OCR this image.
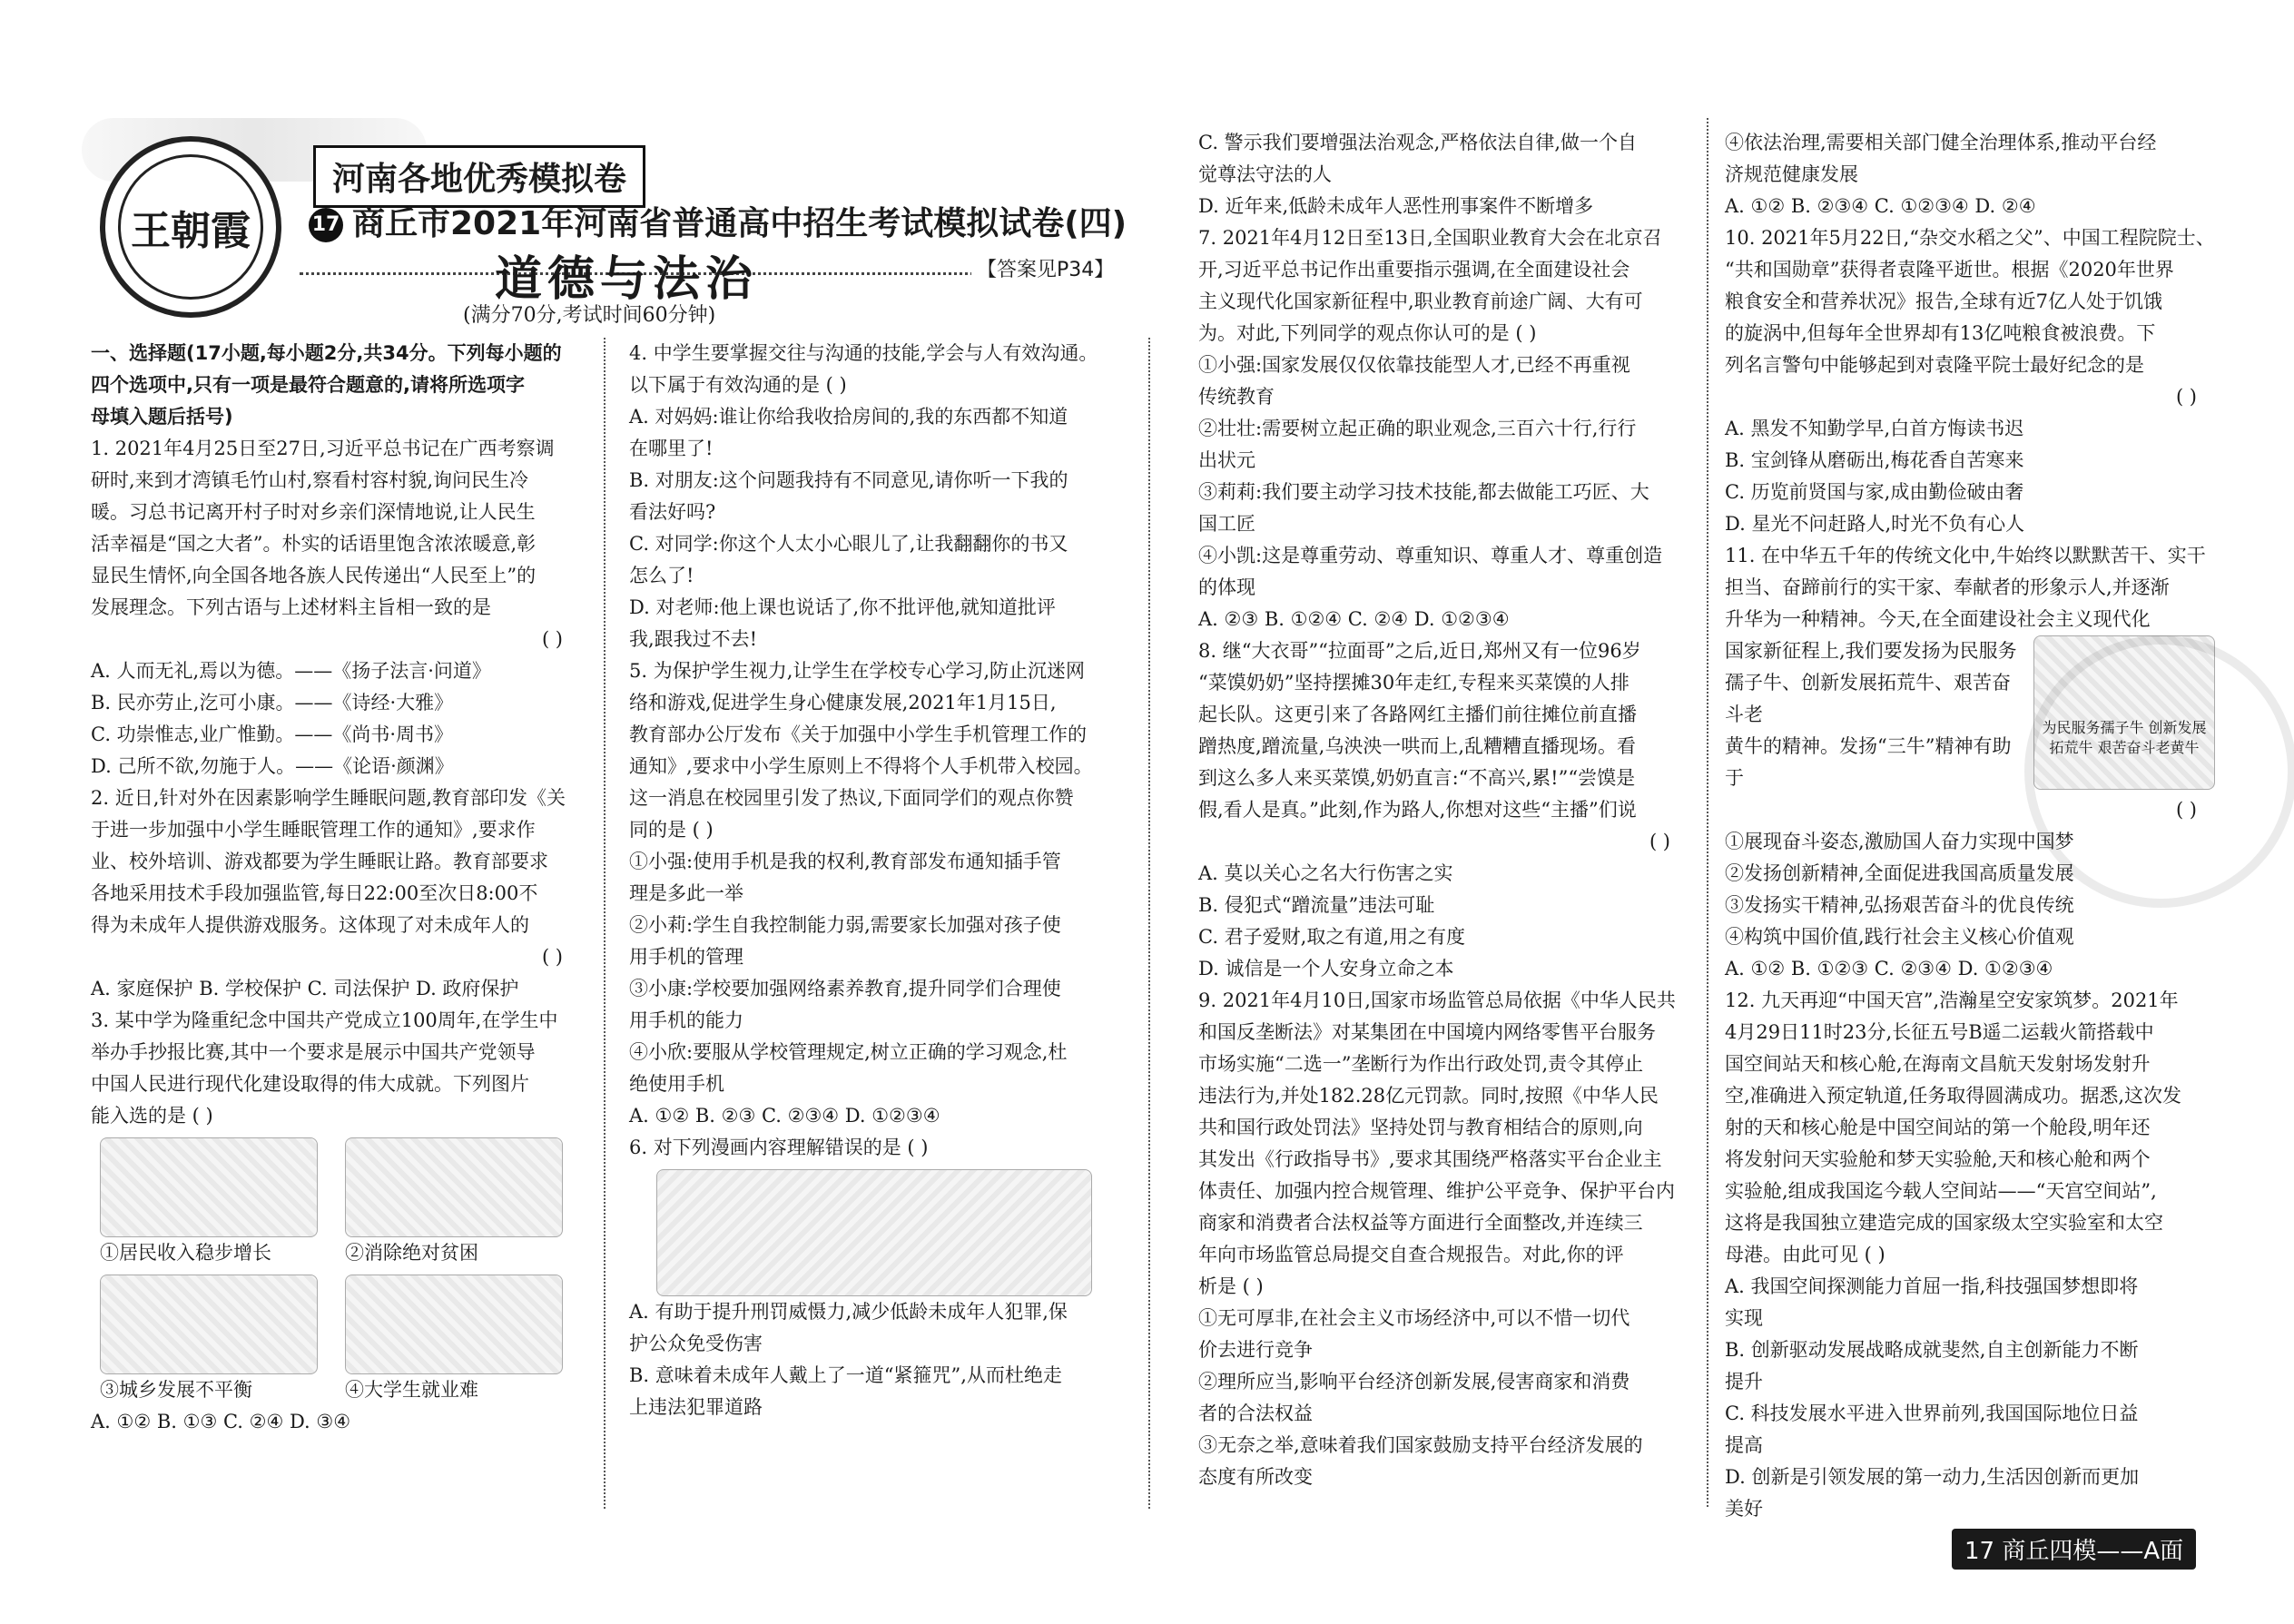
王朝霞
河南各地优秀模拟卷
17 商丘市2021年河南省普通高中招生考试模拟试卷(四)
道德与法治	【答案见P34】
(满分70分,考试时间60分钟)

一、选择题(17小题,每小题2分,共34分。下列每小题的

四个选项中,只有一项是最符合题意的,请将所选项字

母填入题后括号)

1. 2021年4月25日至27日,习近平总书记在广西考察调

研时,来到才湾镇毛竹山村,察看村容村貌,询问民生冷

暖。习总书记离开村子时对乡亲们深情地说,让人民生

活幸福是“国之大者”。朴实的话语里饱含浓浓暖意,彰

显民生情怀,向全国各地各族人民传递出“人民至上”的

发展理念。下列古语与上述材料主旨相一致的是

( )

A. 人而无礼,焉以为德。——《扬子法言·问道》

B. 民亦劳止,汔可小康。——《诗经·大雅》

C. 功崇惟志,业广惟勤。——《尚书·周书》

D. 己所不欲,勿施于人。——《论语·颜渊》

2. 近日,针对外在因素影响学生睡眠问题,教育部印发《关

于进一步加强中小学生睡眠管理工作的通知》,要求作

业、校外培训、游戏都要为学生睡眠让路。教育部要求

各地采用技术手段加强监管,每日22:00至次日8:00不

得为未成年人提供游戏服务。这体现了对未成年人的

( )

A. 家庭保护 B. 学校保护 C. 司法保护 D. 政府保护

3. 某中学为隆重纪念中国共产党成立100周年,在学生中

举办手抄报比赛,其中一个要求是展示中国共产党领导

中国人民进行现代化建设取得的伟大成就。下列图片

能入选的是 ( )

①居民收入稳步增长	②消除绝对贫困
③城乡发展不平衡	④大学生就业难

A. ①② B. ①③ C. ②④ D. ③④

4. 中学生要掌握交往与沟通的技能,学会与人有效沟通。

以下属于有效沟通的是 ( )

A. 对妈妈:谁让你给我收拾房间的,我的东西都不知道

在哪里了!

B. 对朋友:这个问题我持有不同意见,请你听一下我的

看法好吗?

C. 对同学:你这个人太小心眼儿了,让我翻翻你的书又

怎么了!

D. 对老师:他上课也说话了,你不批评他,就知道批评

我,跟我过不去!

5. 为保护学生视力,让学生在学校专心学习,防止沉迷网

络和游戏,促进学生身心健康发展,2021年1月15日,

教育部办公厅发布《关于加强中小学生手机管理工作的

通知》,要求中小学生原则上不得将个人手机带入校园。

这一消息在校园里引发了热议,下面同学们的观点你赞

同的是 ( )

①小强:使用手机是我的权利,教育部发布通知插手管

理是多此一举

②小莉:学生自我控制能力弱,需要家长加强对孩子使

用手机的管理

③小康:学校要加强网络素养教育,提升同学们合理使

用手机的能力

④小欣:要服从学校管理规定,树立正确的学习观念,杜

绝使用手机

A. ①② B. ②③ C. ②③④ D. ①②③④

6. 对下列漫画内容理解错误的是 ( )

A. 有助于提升刑罚威慑力,减少低龄未成年人犯罪,保

护公众免受伤害

B. 意味着未成年人戴上了一道“紧箍咒”,从而杜绝走

上违法犯罪道路

C. 警示我们要增强法治观念,严格依法自律,做一个自

觉尊法守法的人

D. 近年来,低龄未成年人恶性刑事案件不断增多

7. 2021年4月12日至13日,全国职业教育大会在北京召

开,习近平总书记作出重要指示强调,在全面建设社会

主义现代化国家新征程中,职业教育前途广阔、大有可

为。对此,下列同学的观点你认可的是 ( )

①小强:国家发展仅仅依靠技能型人才,已经不再重视

传统教育

②壮壮:需要树立起正确的职业观念,三百六十行,行行

出状元

③莉莉:我们要主动学习技术技能,都去做能工巧匠、大

国工匠

④小凯:这是尊重劳动、尊重知识、尊重人才、尊重创造

的体现

A. ②③ B. ①②④ C. ②④ D. ①②③④

8. 继“大衣哥”“拉面哥”之后,近日,郑州又有一位96岁

“菜馍奶奶”坚持摆摊30年走红,专程来买菜馍的人排

起长队。这更引来了各路网红主播们前往摊位前直播

蹭热度,蹭流量,乌泱泱一哄而上,乱糟糟直播现场。看

到这么多人来买菜馍,奶奶直言:“不高兴,累!”“尝馍是

假,看人是真。”此刻,作为路人,你想对这些“主播”们说

( )

A. 莫以关心之名大行伤害之实

B. 侵犯式“蹭流量”违法可耻

C. 君子爱财,取之有道,用之有度

D. 诚信是一个人安身立命之本

9. 2021年4月10日,国家市场监管总局依据《中华人民共

和国反垄断法》对某集团在中国境内网络零售平台服务

市场实施“二选一”垄断行为作出行政处罚,责令其停止

违法行为,并处182.28亿元罚款。同时,按照《中华人民

共和国行政处罚法》坚持处罚与教育相结合的原则,向

其发出《行政指导书》,要求其围绕严格落实平台企业主

体责任、加强内控合规管理、维护公平竞争、保护平台内

商家和消费者合法权益等方面进行全面整改,并连续三

年向市场监管总局提交自查合规报告。对此,你的评

析是 ( )

①无可厚非,在社会主义市场经济中,可以不惜一切代

价去进行竞争

②理所应当,影响平台经济创新发展,侵害商家和消费

者的合法权益

③无奈之举,意味着我们国家鼓励支持平台经济发展的

态度有所改变

④依法治理,需要相关部门健全治理体系,推动平台经

济规范健康发展

A. ①② B. ②③④ C. ①②③④ D. ②④

10. 2021年5月22日,“杂交水稻之父”、中国工程院院士、

“共和国勋章”获得者袁隆平逝世。根据《2020年世界

粮食安全和营养状况》报告,全球有近7亿人处于饥饿

的旋涡中,但每年全世界却有13亿吨粮食被浪费。下

列名言警句中能够起到对袁隆平院士最好纪念的是

( )

A. 黑发不知勤学早,白首方悔读书迟

B. 宝剑锋从磨砺出,梅花香自苦寒来

C. 历览前贤国与家,成由勤俭破由奢

D. 星光不问赶路人,时光不负有心人

11. 在中华五千年的传统文化中,牛始终以默默苦干、实干

担当、奋蹄前行的实干家、奉献者的形象示人,并逐渐

升华为一种精神。今天,在全面建设社会主义现代化

为民服务孺子牛 创新发展拓荒牛 艰苦奋斗老黄牛

国家新征程上,我们要发扬为民服务

孺子牛、创新发展拓荒牛、艰苦奋斗老

黄牛的精神。发扬“三牛”精神有助于

( )

①展现奋斗姿态,激励国人奋力实现中国梦

②发扬创新精神,全面促进我国高质量发展

③发扬实干精神,弘扬艰苦奋斗的优良传统

④构筑中国价值,践行社会主义核心价值观

A. ①② B. ①②③ C. ②③④ D. ①②③④

12. 九天再迎“中国天宫”,浩瀚星空安家筑梦。2021年

4月29日11时23分,长征五号B遥二运载火箭搭载中

国空间站天和核心舱,在海南文昌航天发射场发射升

空,准确进入预定轨道,任务取得圆满成功。据悉,这次发

射的天和核心舱是中国空间站的第一个舱段,明年还

将发射问天实验舱和梦天实验舱,天和核心舱和两个

实验舱,组成我国迄今载人空间站——“天宫空间站”,

这将是我国独立建造完成的国家级太空实验室和太空

母港。由此可见 ( )

A. 我国空间探测能力首屈一指,科技强国梦想即将

实现

B. 创新驱动发展战略成就斐然,自主创新能力不断

提升

C. 科技发展水平进入世界前列,我国国际地位日益

提高

D. 创新是引领发展的第一动力,生活因创新而更加

美好

17 商丘四模——A面
